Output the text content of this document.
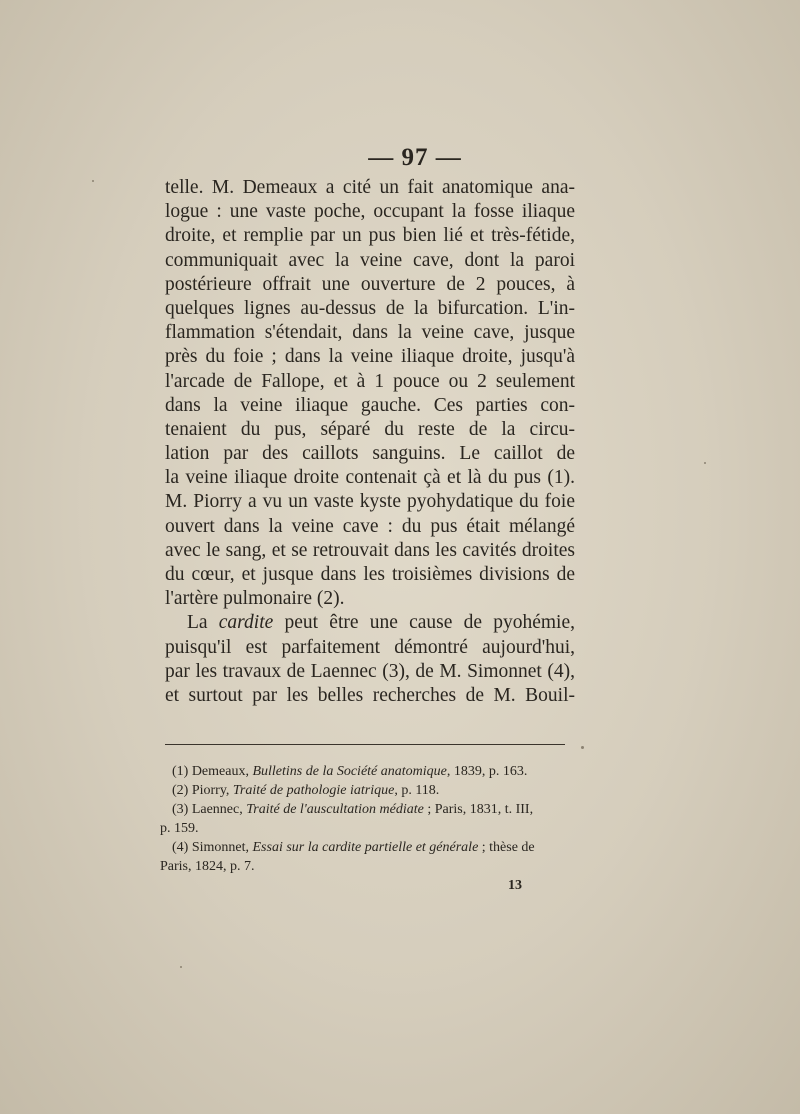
— 97 —
telle. M. Demeaux a cité un fait anatomique ana-
logue : une vaste poche, occupant la fosse iliaque
droite, et remplie par un pus bien lié et très-fétide,
communiquait avec la veine cave, dont la paroi
postérieure offrait une ouverture de 2 pouces, à
quelques lignes au-dessus de la bifurcation. L'in-
flammation s'étendait, dans la veine cave, jusque
près du foie ; dans la veine iliaque droite, jusqu'à
l'arcade de Fallope, et à 1 pouce ou 2 seulement
dans la veine iliaque gauche. Ces parties con-
tenaient du pus, séparé du reste de la circu-
lation par des caillots sanguins. Le caillot de
la veine iliaque droite contenait çà et là du pus (1).
M. Piorry a vu un vaste kyste pyohydatique du foie
ouvert dans la veine cave : du pus était mélangé
avec le sang, et se retrouvait dans les cavités droites
du cœur, et jusque dans les troisièmes divisions de
l'artère pulmonaire (2).
La cardite peut être une cause de pyohémie,
puisqu'il est parfaitement démontré aujourd'hui,
par les travaux de Laennec (3), de M. Simonnet (4),
et surtout par les belles recherches de M. Bouil-
(1) Demeaux, Bulletins de la Société anatomique, 1839, p. 163.
(2) Piorry, Traité de pathologie iatrique, p. 118.
(3) Laennec, Traité de l'auscultation médiate ; Paris, 1831, t. III,
p. 159.
(4) Simonnet, Essai sur la cardite partielle et générale ; thèse de
Paris, 1824, p. 7.
13
